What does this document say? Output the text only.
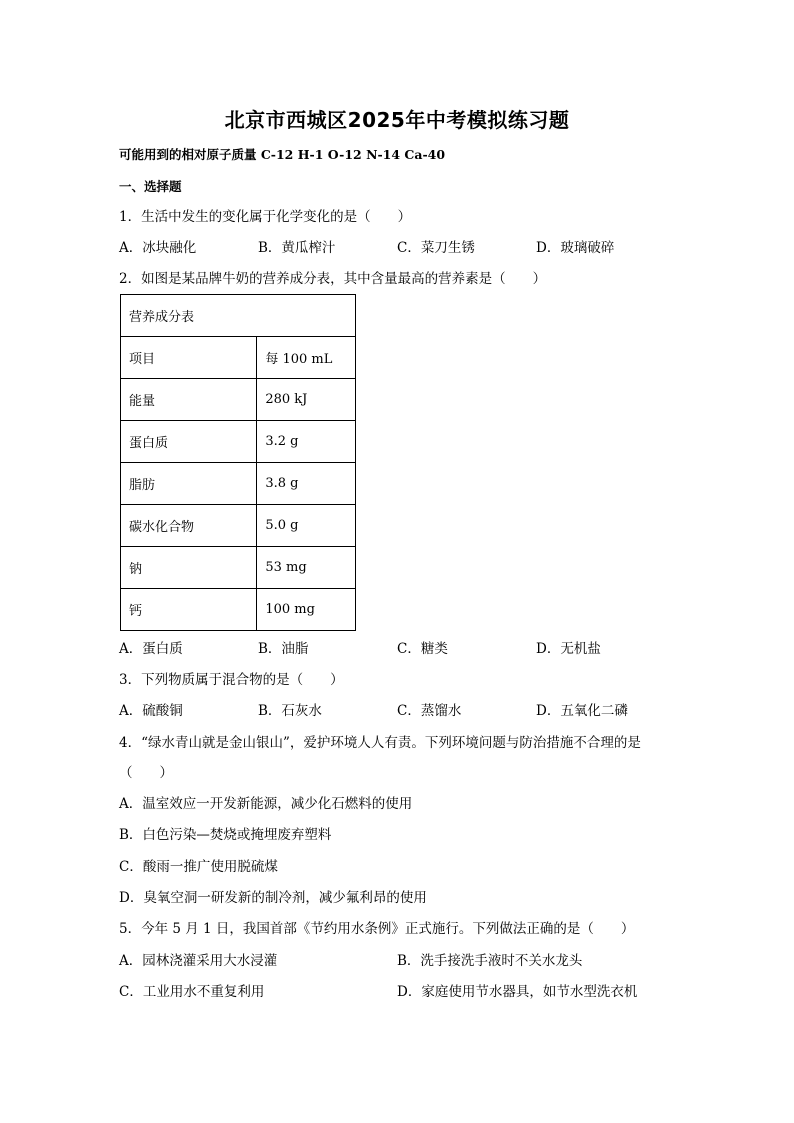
北京市西城区2025年中考模拟练习题
可能用到的相对原子质量 C-12 H-1 O-12 N-14 Ca-40
一、选择题
1．生活中发生的变化属于化学变化的是（　　）
A．冰块融化	B．黄瓜榨汁	C．菜刀生锈	D．玻璃破碎
2．如图是某品牌牛奶的营养成分表，其中含量最高的营养素是（　　）
营养成分表	
项目	每 100 mL
能量	280 kJ
蛋白质	3.2 g
脂肪	3.8 g
碳水化合物	5.0 g
钠	53 mg
钙	100 mg
A．蛋白质	B．油脂	C．糖类	D．无机盐
3．下列物质属于混合物的是（　　）
A．硫酸铜	B．石灰水	C．蒸馏水	D．五氧化二磷
4．“绿水青山就是金山银山”，爱护环境人人有责。下列环境问题与防治措施不合理的是
（　　）
A．温室效应一开发新能源，减少化石燃料的使用
B．白色污染—焚烧或掩埋废弃塑料
C．酸雨一推广使用脱硫煤
D．臭氧空洞一研发新的制冷剂，减少氟利昂的使用
5．今年 5 月 1 日，我国首部《节约用水条例》正式施行。下列做法正确的是（　　）
A．园林浇灌采用大水浸灌	B．洗手接洗手液时不关水龙头
C．工业用水不重复利用	D．家庭使用节水器具，如节水型洗衣机
